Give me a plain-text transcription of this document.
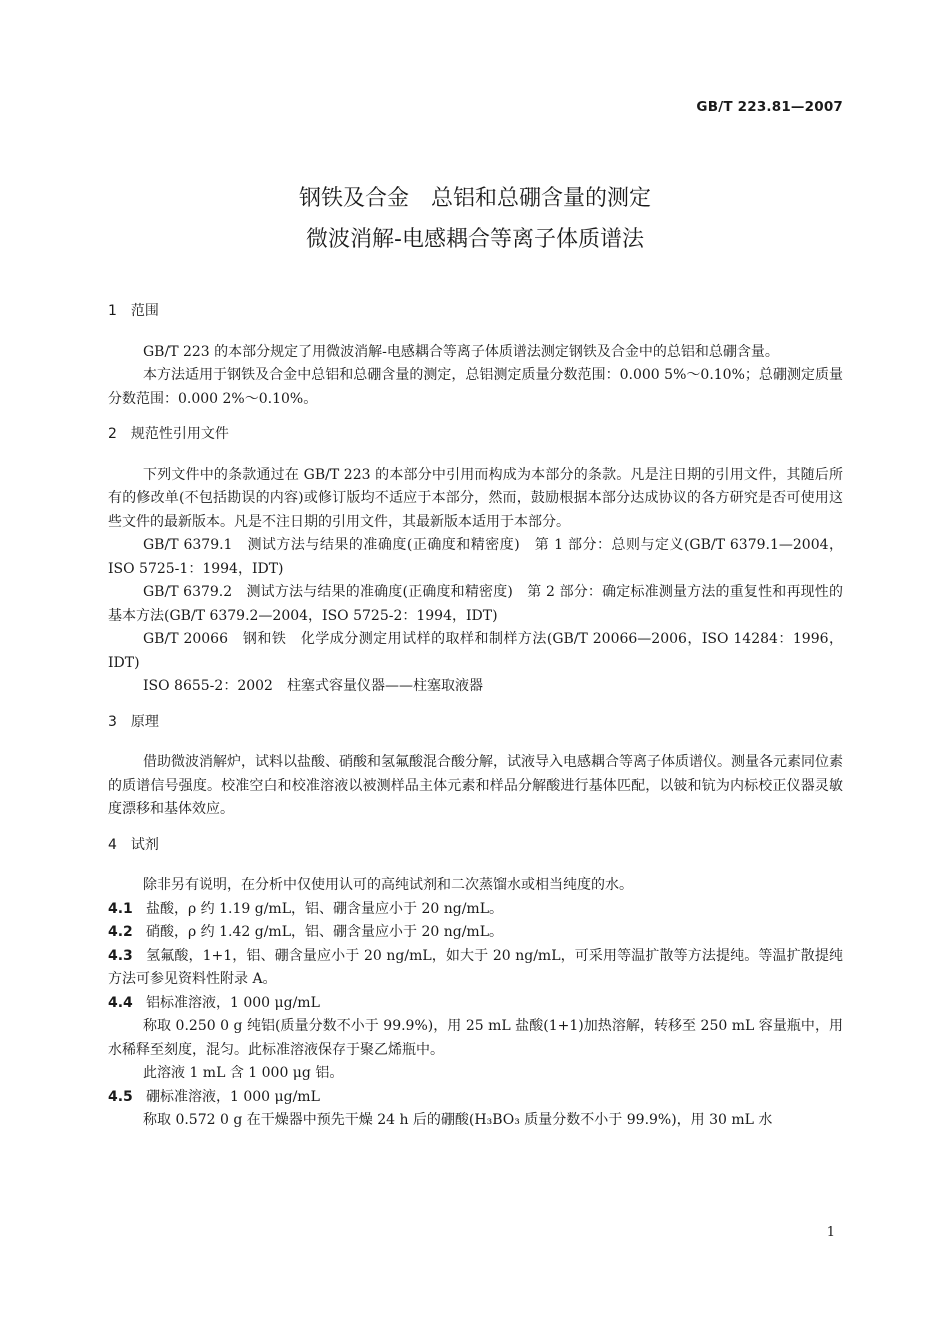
GB/T 223.81—2007
钢铁及合金　总铝和总硼含量的测定
微波消解-电感耦合等离子体质谱法
1　范围

GB/T 223 的本部分规定了用微波消解-电感耦合等离子体质谱法测定钢铁及合金中的总铝和总硼含量。

本方法适用于钢铁及合金中总铝和总硼含量的测定，总铝测定质量分数范围：0.000 5%～0.10%；总硼测定质量分数范围：0.000 2%～0.10%。

2　规范性引用文件

下列文件中的条款通过在 GB/T 223 的本部分中引用而构成为本部分的条款。凡是注日期的引用文件，其随后所有的修改单(不包括勘误的内容)或修订版均不适应于本部分，然而，鼓励根据本部分达成协议的各方研究是否可使用这些文件的最新版本。凡是不注日期的引用文件，其最新版本适用于本部分。

GB/T 6379.1　测试方法与结果的准确度(正确度和精密度)　第 1 部分：总则与定义(GB/T 6379.1—2004，ISO 5725-1：1994，IDT)

GB/T 6379.2　测试方法与结果的准确度(正确度和精密度)　第 2 部分：确定标准测量方法的重复性和再现性的基本方法(GB/T 6379.2—2004，ISO 5725-2：1994，IDT)

GB/T 20066　钢和铁　化学成分测定用试样的取样和制样方法(GB/T 20066—2006，ISO 14284：1996，IDT)

ISO 8655-2：2002　柱塞式容量仪器——柱塞取液器

3　原理

借助微波消解炉，试料以盐酸、硝酸和氢氟酸混合酸分解，试液导入电感耦合等离子体质谱仪。测量各元素同位素的质谱信号强度。校准空白和校准溶液以被测样品主体元素和样品分解酸进行基体匹配，以铍和钪为内标校正仪器灵敏度漂移和基体效应。

4　试剂

除非另有说明，在分析中仅使用认可的高纯试剂和二次蒸馏水或相当纯度的水。

4.1 盐酸，ρ 约 1.19 g/mL，铝、硼含量应小于 20 ng/mL。

4.2 硝酸，ρ 约 1.42 g/mL，铝、硼含量应小于 20 ng/mL。

4.3 氢氟酸，1+1，铝、硼含量应小于 20 ng/mL，如大于 20 ng/mL，可采用等温扩散等方法提纯。等温扩散提纯方法可参见资料性附录 A。

4.4 铝标准溶液，1 000 μg/mL

称取 0.250 0 g 纯铝(质量分数不小于 99.9%)，用 25 mL 盐酸(1+1)加热溶解，转移至 250 mL 容量瓶中，用水稀释至刻度，混匀。此标准溶液保存于聚乙烯瓶中。

此溶液 1 mL 含 1 000 μg 铝。

4.5 硼标准溶液，1 000 μg/mL

称取 0.572 0 g 在干燥器中预先干燥 24 h 后的硼酸(H₃BO₃ 质量分数不小于 99.9%)，用 30 mL 水

1
